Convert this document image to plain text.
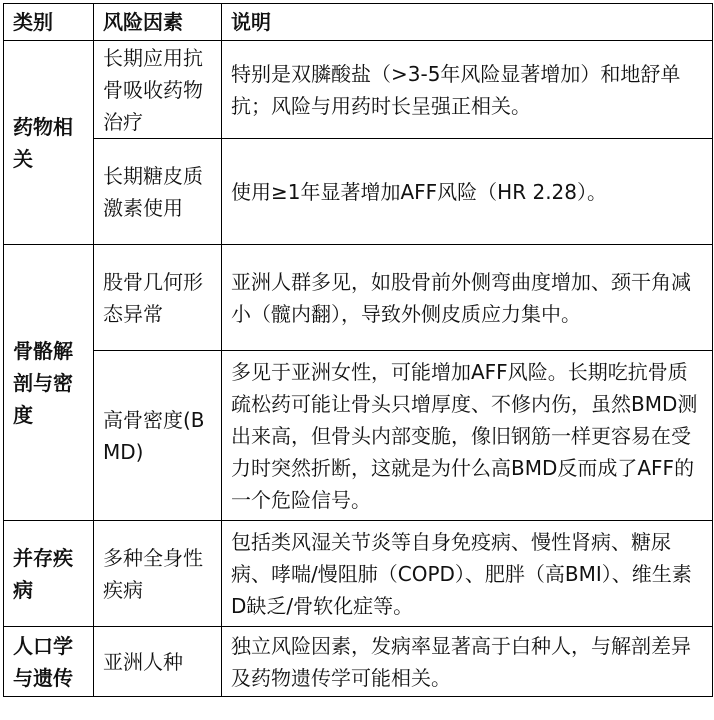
类别	风险因素	说明
药物相关	长期应用抗骨吸收药物治疗	特别是双膦酸盐（>3-5年风险显著增加）和地舒单抗；风险与用药时长呈强正相关。
	长期糖皮质激素使用	使用≥1年显著增加AFF风险（HR 2.28）。
骨骼解剖与密度	股骨几何形态异常	亚洲人群多见，如股骨前外侧弯曲度增加、颈干角减小（髋内翻），导致外侧皮质应力集中。
	高骨密度(BMD)	多见于亚洲女性，可能增加AFF风险。长期吃抗骨质疏松药可能让骨头只增厚度、不修内伤，虽然BMD测出来高，但骨头内部变脆，像旧钢筋一样更容易在受力时突然折断，这就是为什么高BMD反而成了AFF的一个危险信号。
并存疾病	多种全身性疾病	包括类风湿关节炎等自身免疫病、慢性肾病、糖尿病、哮喘/慢阻肺（COPD）、肥胖（高BMI）、维生素D缺乏/骨软化症等。
人口学与遗传	亚洲人种	独立风险因素，发病率显著高于白种人，与解剖差异及药物遗传学可能相关。
